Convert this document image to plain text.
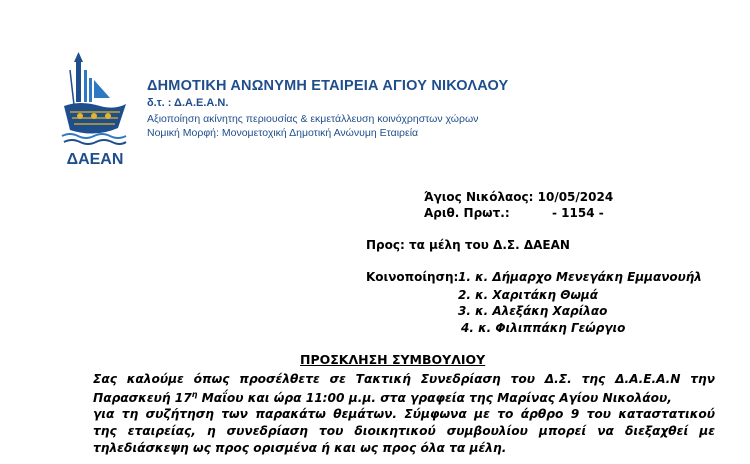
ΔΑΕΑΝ
ΔΗΜΟΤΙΚΗ ΑΝΩΝΥΜΗ ΕΤΑΙΡΕΙΑ ΑΓΙΟΥ ΝΙΚΟΛΑΟΥ
δ.τ. : Δ.Α.Ε.Α.Ν.
Αξιοποίηση ακίνητης περιουσίας & εκμετάλλευση κοινόχρηστων χώρων
Νομική Μορφή: Μονομετοχική Δημοτική Ανώνυμη Εταιρεία
Άγιος Νικόλαος: 10/05/2024
Αριθ. Πρωτ.:	- 1154 -
Προς: τα μέλη του Δ.Σ. ΔΑΕΑΝ
Κοινοποίηση: 1. κ. Δήμαρχο Μενεγάκη Εμμανουήλ
2. κ. Χαριτάκη Θωμά
3. κ. Αλεξάκη Χαρίλαο
4. κ. Φιλιππάκη Γεώργιο
ΠΡΟΣΚΛΗΣΗ ΣΥΜΒΟΥΛΙΟΥ
Σας καλούμε όπως προσέλθετε σε Τακτική Συνεδρίαση του Δ.Σ. της Δ.Α.Ε.Α.Ν την
Παρασκευή $17^\eta$ Μαΐου και ώρα 11:00 μ.μ. στα γραφεία της Μαρίνας Αγίου Νικολάου,
για τη συζήτηση των παρακάτω θεμάτων. Σύμφωνα με το άρθρο 9 του καταστατικού
της εταιρείας, η συνεδρίαση του διοικητικού συμβουλίου μπορεί να διεξαχθεί με
τηλεδιάσκεψη ως προς ορισμένα ή και ως προς όλα τα μέλη.
